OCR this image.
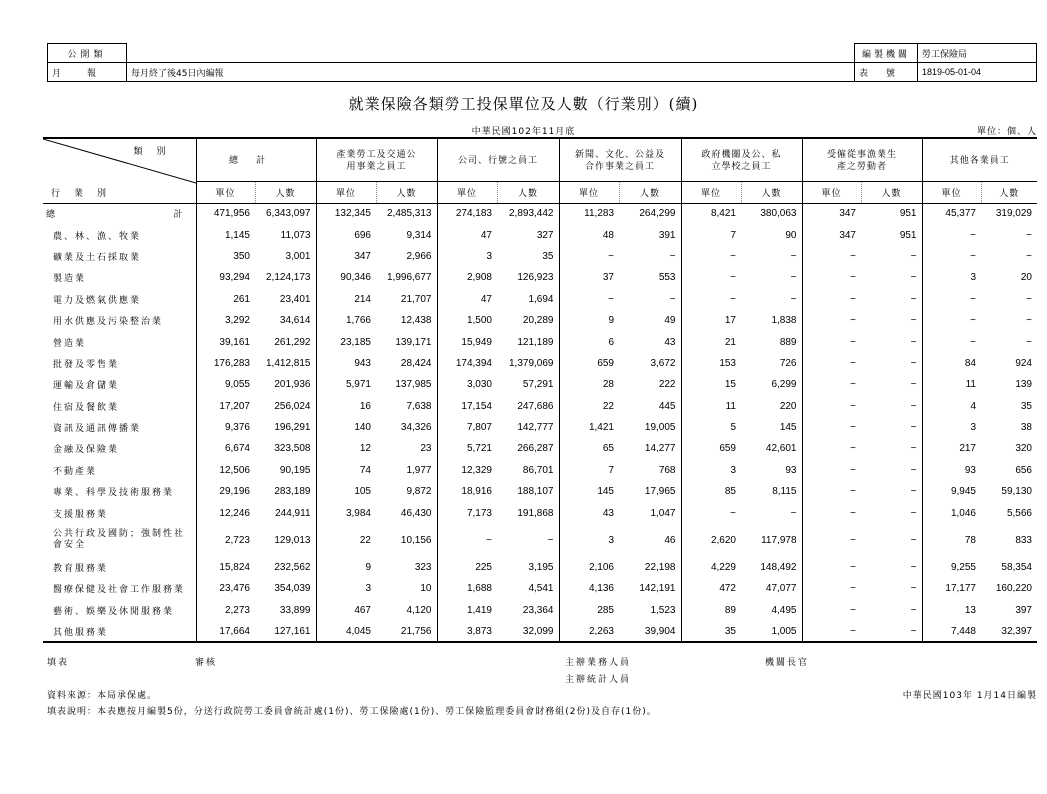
公開類	
月報	每月終了後45日內編報
編製機關	勞工保險局
表號	1819-05-01-04
就業保險各類勞工投保單位及人數（行業別）(續)
中華民國102年11月底	單位：個、人
類別
行業別	總計		產業勞工及交通公用事業之員工		公司、行號之員工		新聞、文化、公益及合作事業之員工		政府機關及公、私立學校之員工		受僱從事漁業生產之勞動者		其他各業員工	
	單位	人數	單位	人數	單位	人數	單位	人數	單位	人數	單位	人數	單位	人數
總 計	471,956	6,343,097	132,345	2,485,313	274,183	2,893,442	11,283	264,299	8,421	380,063	347	951	45,377	319,029
農、林、漁、牧業	1,145	11,073	696	9,314	47	327	48	391	7	90	347	951	−	−
礦業及土石採取業	350	3,001	347	2,966	3	35	−	−	−	−	−	−	−	−
製造業	93,294	2,124,173	90,346	1,996,677	2,908	126,923	37	553	−	−	−	−	3	20
電力及燃氣供應業	261	23,401	214	21,707	47	1,694	−	−	−	−	−	−	−	−
用水供應及污染整治業	3,292	34,614	1,766	12,438	1,500	20,289	9	49	17	1,838	−	−	−	−
營造業	39,161	261,292	23,185	139,171	15,949	121,189	6	43	21	889	−	−	−	−
批發及零售業	176,283	1,412,815	943	28,424	174,394	1,379,069	659	3,672	153	726	−	−	84	924
運輸及倉儲業	9,055	201,936	5,971	137,985	3,030	57,291	28	222	15	6,299	−	−	11	139
住宿及餐飲業	17,207	256,024	16	7,638	17,154	247,686	22	445	11	220	−	−	4	35
資訊及通訊傳播業	9,376	196,291	140	34,326	7,807	142,777	1,421	19,005	5	145	−	−	3	38
金融及保險業	6,674	323,508	12	23	5,721	266,287	65	14,277	659	42,601	−	−	217	320
不動產業	12,506	90,195	74	1,977	12,329	86,701	7	768	3	93	−	−	93	656
專業、科學及技術服務業	29,196	283,189	105	9,872	18,916	188,107	145	17,965	85	8,115	−	−	9,945	59,130
支援服務業	12,246	244,911	3,984	46,430	7,173	191,868	43	1,047	−	−	−	−	1,046	5,566
公共行政及國防；強制性社會安全	2,723	129,013	22	10,156	−	−	3	46	2,620	117,978	−	−	78	833
教育服務業	15,824	232,562	9	323	225	3,195	2,106	22,198	4,229	148,492	−	−	9,255	58,354
醫療保健及社會工作服務業	23,476	354,039	3	10	1,688	4,541	4,136	142,191	472	47,077	−	−	17,177	160,220
藝術、娛樂及休閒服務業	2,273	33,899	467	4,120	1,419	23,364	285	1,523	89	4,495	−	−	13	397
其他服務業	17,664	127,161	4,045	21,756	3,873	32,099	2,263	39,904	35	1,005	−	−	7,448	32,397
填表	審核	主辦業務人員
主辦統計人員
機關長官
資料來源：本局承保處。	中華民國103年 1月14日編製
填表說明：本表應按月編製5份，分送行政院勞工委員會統計處(1份)、勞工保險處(1份)、勞工保險監理委員會財務組(2份)及自存(1份)。
